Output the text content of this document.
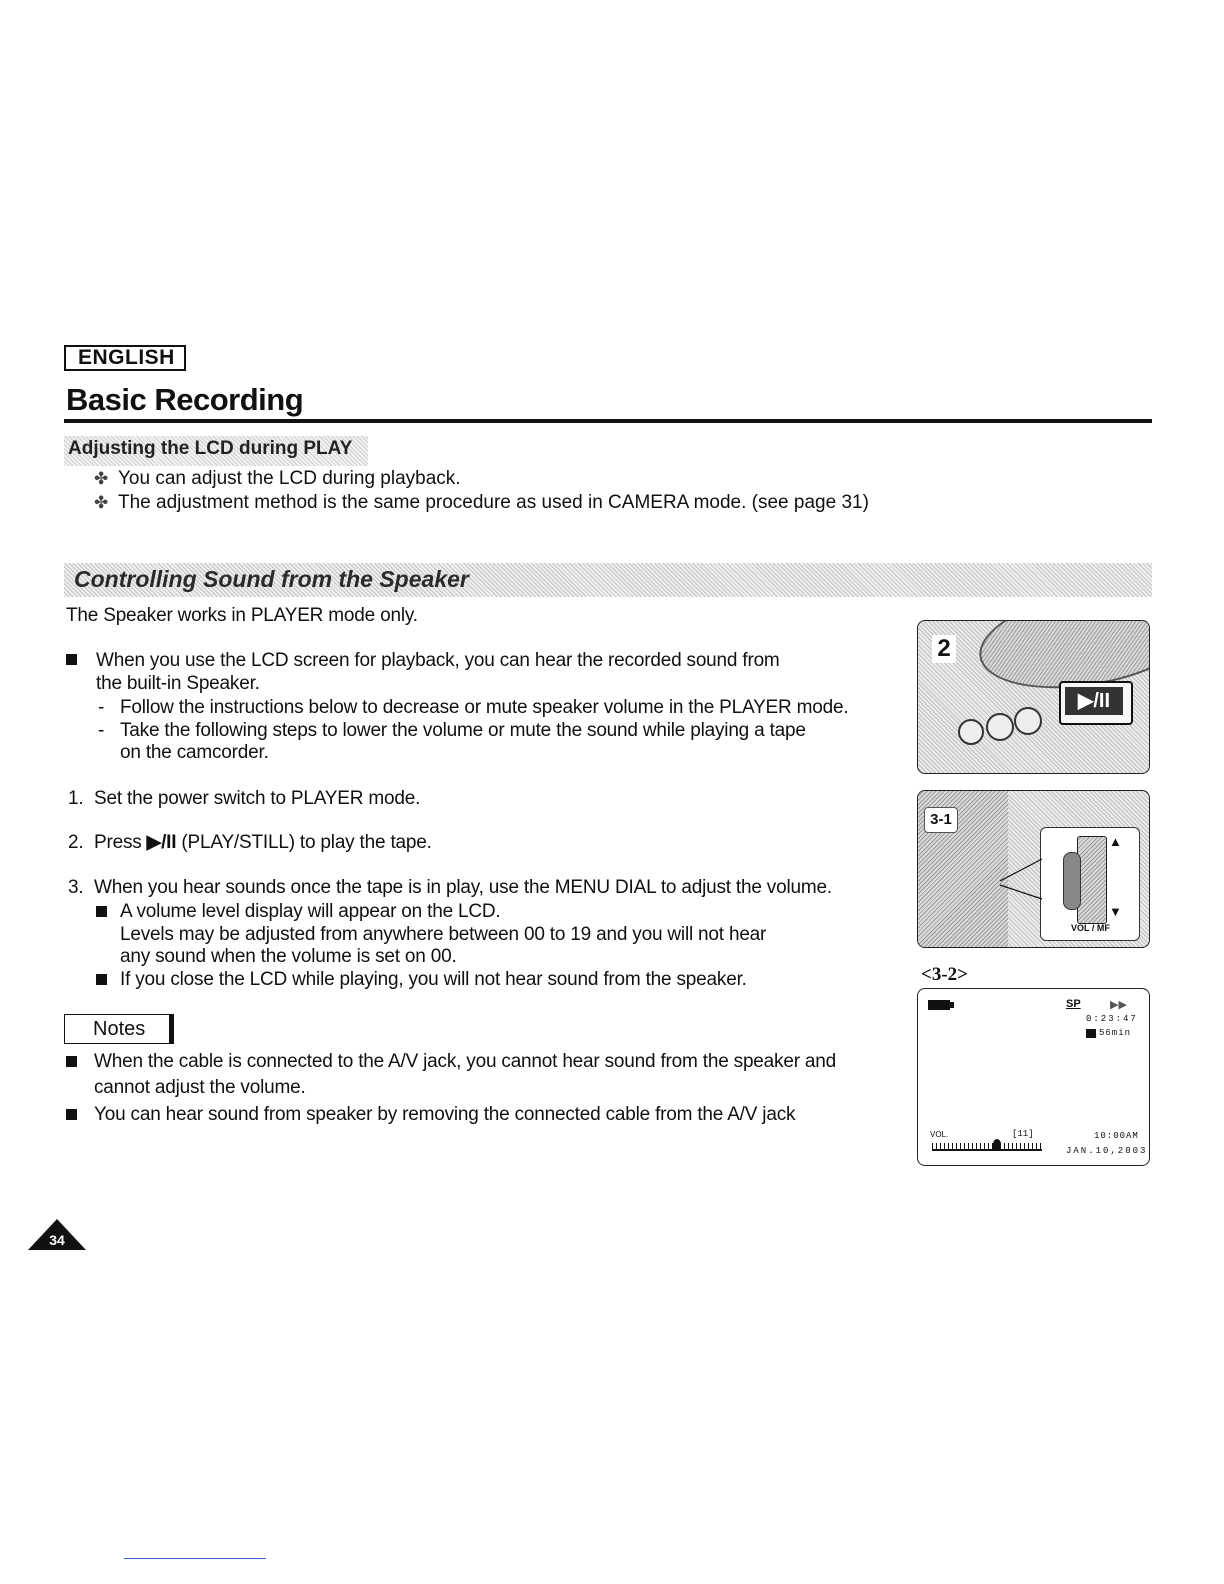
ENGLISH
Basic Recording
Adjusting the LCD during PLAY
✤ You can adjust the LCD during playback.
✤ The adjustment method is the same procedure as used in CAMERA mode. (see page 31)
Controlling Sound from the Speaker
The Speaker works in PLAYER mode only.
When you use the LCD screen for playback, you can hear the recorded sound from
the built-in Speaker.
- Follow the instructions below to decrease or mute speaker volume in the PLAYER mode.
- Take the following steps to lower the volume or mute the sound while playing a tape
on the camcorder.
1. Set the power switch to PLAYER mode.
2. Press ▶/II (PLAY/STILL) to play the tape.
3. When you hear sounds once the tape is in play, use the MENU DIAL to adjust the volume.
A volume level display will appear on the LCD.
Levels may be adjusted from anywhere between 00 to 19 and you will not hear
any sound when the volume is set on 00.
If you close the LCD while playing, you will not hear sound from the speaker.
Notes
When the cable is connected to the A/V jack, you cannot hear sound from the speaker and
cannot adjust the volume.
You can hear sound from speaker by removing the connected cable from the A/V jack
2
▶/II
3-1
▲
▼
VOL / MF
<3-2>
SP	▶▶
0:23:47
56min
VOL.	[11]	10:00AM
JAN.10,2003
34
